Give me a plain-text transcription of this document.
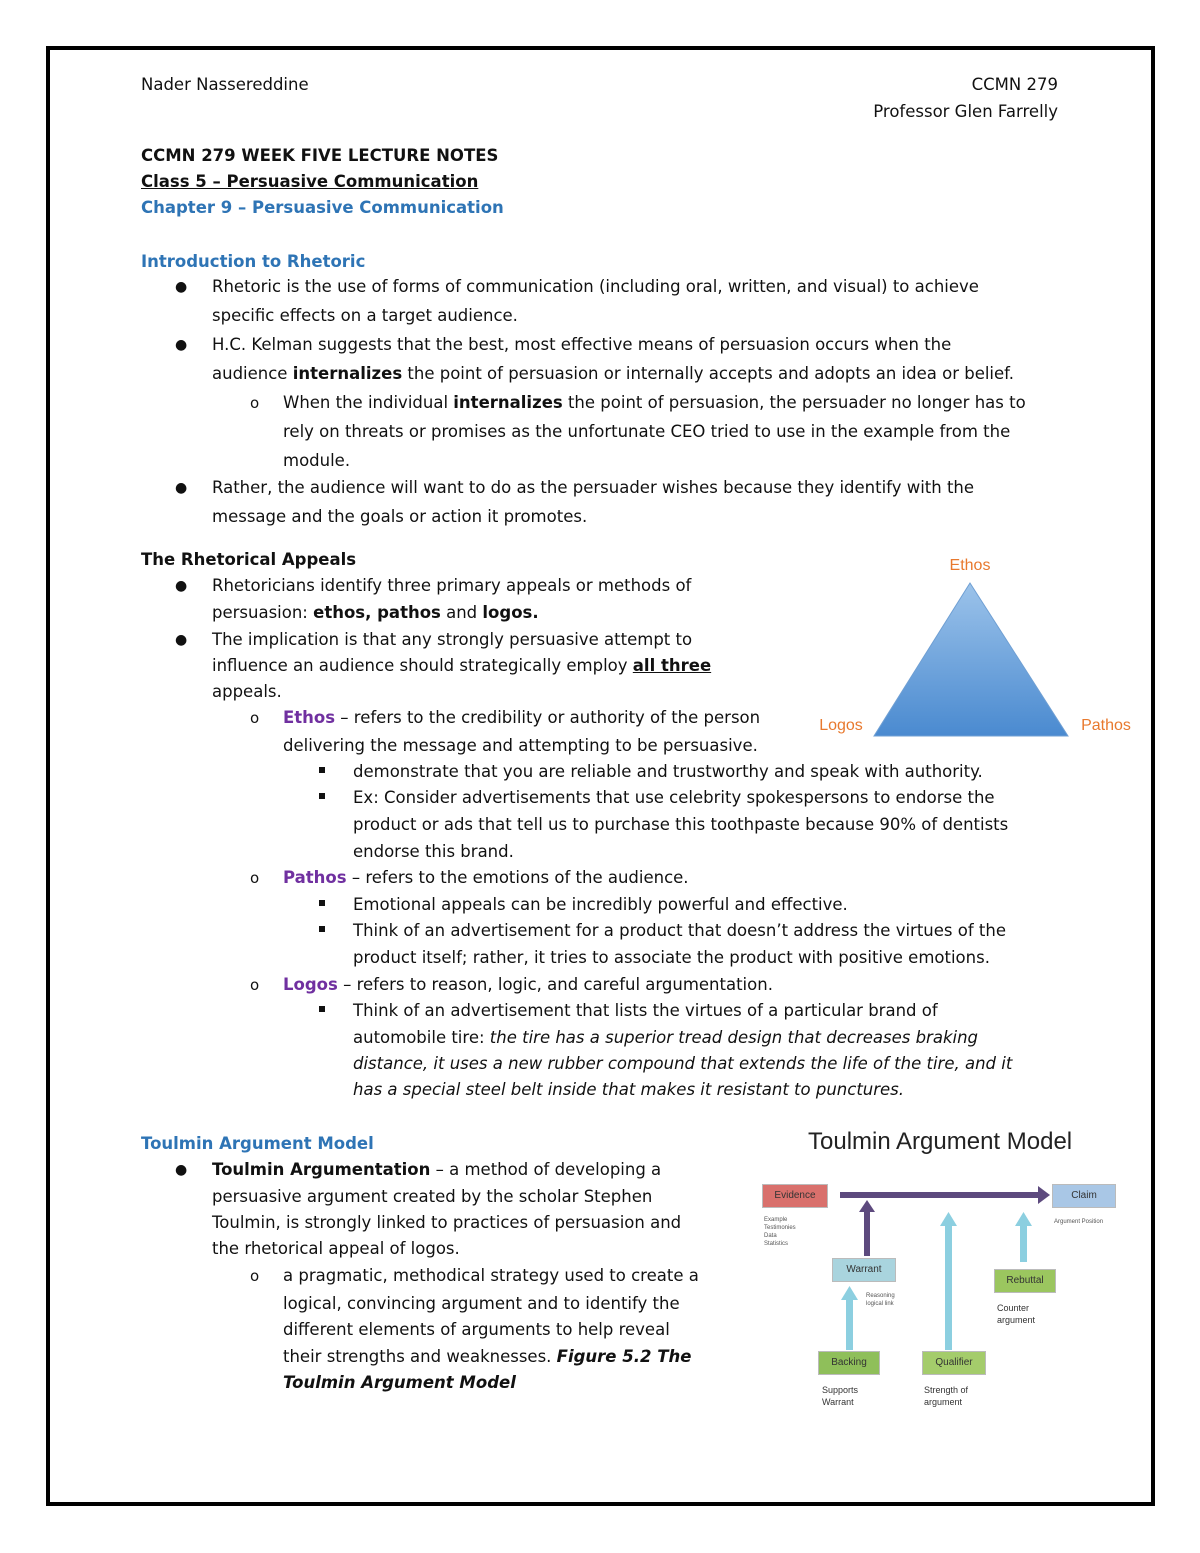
Nader Nassereddine	CCMN 279
Professor Glen Farrelly
CCMN 279 WEEK FIVE LECTURE NOTES
Class 5 – Persuasive Communication
Chapter 9 – Persuasive Communication
Introduction to Rhetoric
● Rhetoric is the use of forms of communication (including oral, written, and visual) to achieve
specific effects on a target audience.
● H.C. Kelman suggests that the best, most effective means of persuasion occurs when the
audience internalizes the point of persuasion or internally accepts and adopts an idea or belief.
o When the individual internalizes the point of persuasion, the persuader no longer has to
rely on threats or promises as the unfortunate CEO tried to use in the example from the
module.
● Rather, the audience will want to do as the persuader wishes because they identify with the
message and the goals or action it promotes.
The Rhetorical Appeals
● Rhetoricians identify three primary appeals or methods of
persuasion: ethos, pathos and logos.
● The implication is that any strongly persuasive attempt to
influence an audience should strategically employ all three
appeals.
o Ethos – refers to the credibility or authority of the person
delivering the message and attempting to be persuasive.
demonstrate that you are reliable and trustworthy and speak with authority.
Ex: Consider advertisements that use celebrity spokespersons to endorse the
product or ads that tell us to purchase this toothpaste because 90% of dentists
endorse this brand.
o Pathos – refers to the emotions of the audience.
Emotional appeals can be incredibly powerful and effective.
Think of an advertisement for a product that doesn’t address the virtues of the
product itself; rather, it tries to associate the product with positive emotions.
o Logos – refers to reason, logic, and careful argumentation.
Think of an advertisement that lists the virtues of a particular brand of
automobile tire: the tire has a superior tread design that decreases braking
distance, it uses a new rubber compound that extends the life of the tire, and it
has a special steel belt inside that makes it resistant to punctures.
Ethos
Logos	Pathos
Toulmin Argument Model
● Toulmin Argumentation – a method of developing a
persuasive argument created by the scholar Stephen
Toulmin, is strongly linked to practices of persuasion and
the rhetorical appeal of logos.
o a pragmatic, methodical strategy used to create a
logical, convincing argument and to identify the
different elements of arguments to help reveal
their strengths and weaknesses. Figure 5.2 The
Toulmin Argument Model
Toulmin Argument Model
Evidence
Example
Testimonies
Data
Statistics
Claim
Argument Position
Warrant
Reasoning
logical link
Rebuttal
Counter
argument
Backing
Supports
Warrant
Qualifier
Strength of
argument
